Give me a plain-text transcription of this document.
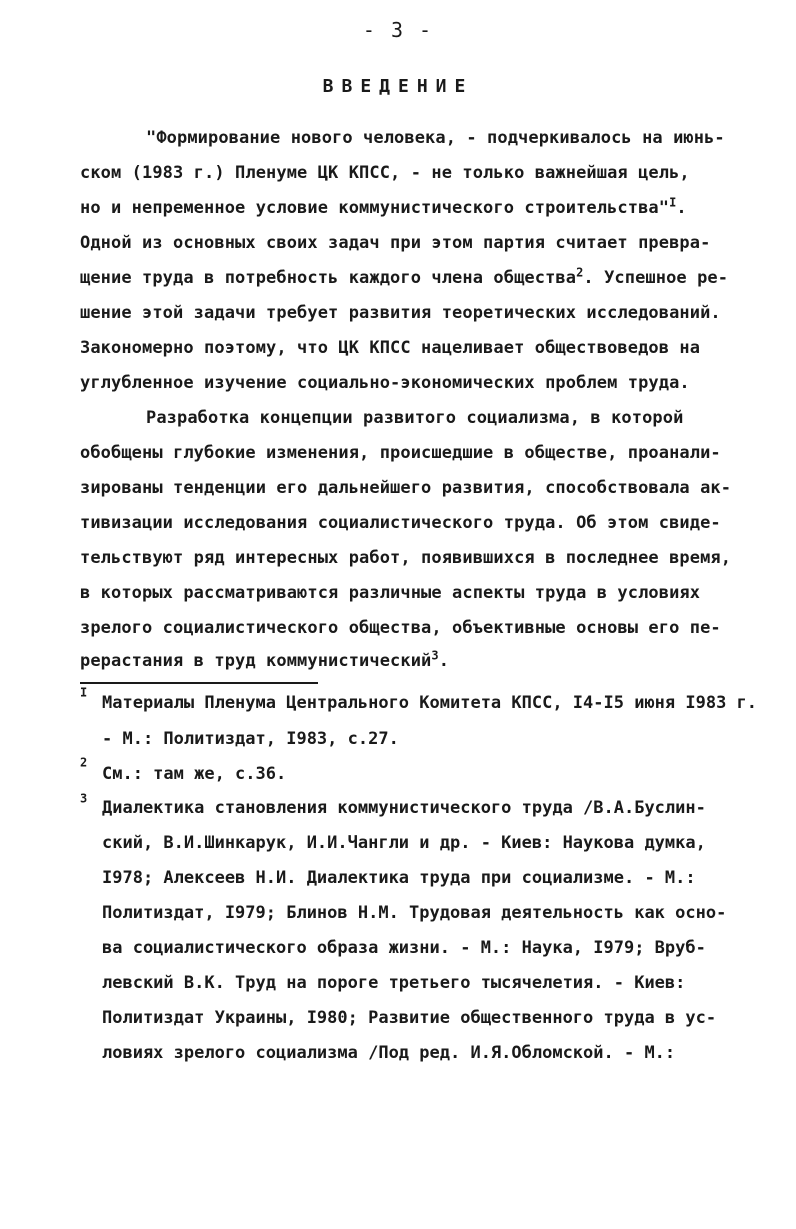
- 3 -
ВВЕДЕНИЕ
"Формирование нового человека, - подчеркивалось на июнь-
ском (1983 г.) Пленуме ЦК КПСС, - не только важнейшая цель,
но и непременное условие коммунистического строительства"$^I$.
Одной из основных своих задач при этом партия считает превра-
щение труда в потребность каждого члена общества$^2$. Успешное ре-
шение этой задачи требует развития теоретических исследований.
Закономерно поэтому, что ЦК КПСС нацеливает обществоведов на
углубленное изучение социально-экономических проблем труда.
Разработка концепции развитого социализма, в которой
обобщены глубокие изменения, происшедшие в обществе, проанали-
зированы тенденции его дальнейшего развития, способствовала ак-
тивизации исследования социалистического труда. Об этом свиде-
тельствуют ряд интересных работ, появившихся в последнее время,
в которых рассматриваются различные аспекты труда в условиях
зрелого социалистического общества, объективные основы его пе-
рерастания в труд коммунистический$^3$.
$^I$
Материалы Пленума Центрального Комитета КПСС, I4-I5 июня I983 г.
- М.: Политиздат, I983, с.27.
$^2$
См.: там же, с.36.
$^3$ Диалектика становления коммунистического труда /В.А.Буслин-
ский, В.И.Шинкарук, И.И.Чангли и др. - Киев: Наукова думка,
I978; Алексеев Н.И. Диалектика труда при социализме. - М.:
Политиздат, I979; Блинов Н.М. Трудовая деятельность как осно-
ва социалистического образа жизни. - М.: Наука, I979; Вруб-
левский В.К. Труд на пороге третьего тысячелетия. - Киев:
Политиздат Украины, I980; Развитие общественного труда в ус-
ловиях зрелого социализма /Под ред. И.Я.Обломской. - М.:
